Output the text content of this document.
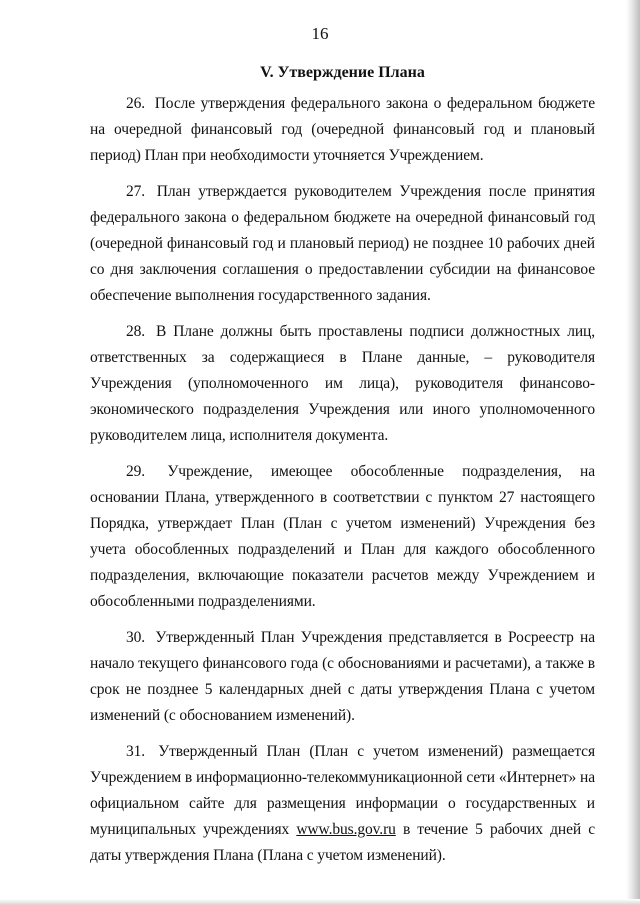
16
V. Утверждение Плана

26. После утверждения федерального закона о федеральном бюджете на очередной финансовый год (очередной финансовый год и плановый период) План при необходимости уточняется Учреждением.

27. План утверждается руководителем Учреждения после принятия федерального закона о федеральном бюджете на очередной финансовый год (очередной финансовый год и плановый период) не позднее 10 рабочих дней со дня заключения соглашения о предоставлении субсидии на финансовое обеспечение выполнения государственного задания.

28. В Плане должны быть проставлены подписи должностных лиц, ответственных за содержащиеся в Плане данные, – руководителя Учреждения (уполномоченного им лица), руководителя финансово-экономического подразделения Учреждения или иного уполномоченного руководителем лица, исполнителя документа.

29. Учреждение, имеющее обособленные подразделения, на основании Плана, утвержденного в соответствии с пунктом 27 настоящего Порядка, утверждает План (План с учетом изменений) Учреждения без учета обособленных подразделений и План для каждого обособленного подразделения, включающие показатели расчетов между Учреждением и обособленными подразделениями.

30. Утвержденный План Учреждения представляется в Росреестр на начало текущего финансового года (с обоснованиями и расчетами), а также в срок не позднее 5 календарных дней с даты утверждения Плана с учетом изменений (с обоснованием изменений).

31. Утвержденный План (План с учетом изменений) размещается Учреждением в информационно-телекоммуникационной сети «Интернет» на официальном сайте для размещения информации о государственных и муниципальных учреждениях www.bus.gov.ru в течение 5 рабочих дней с даты утверждения Плана (Плана с учетом изменений).
